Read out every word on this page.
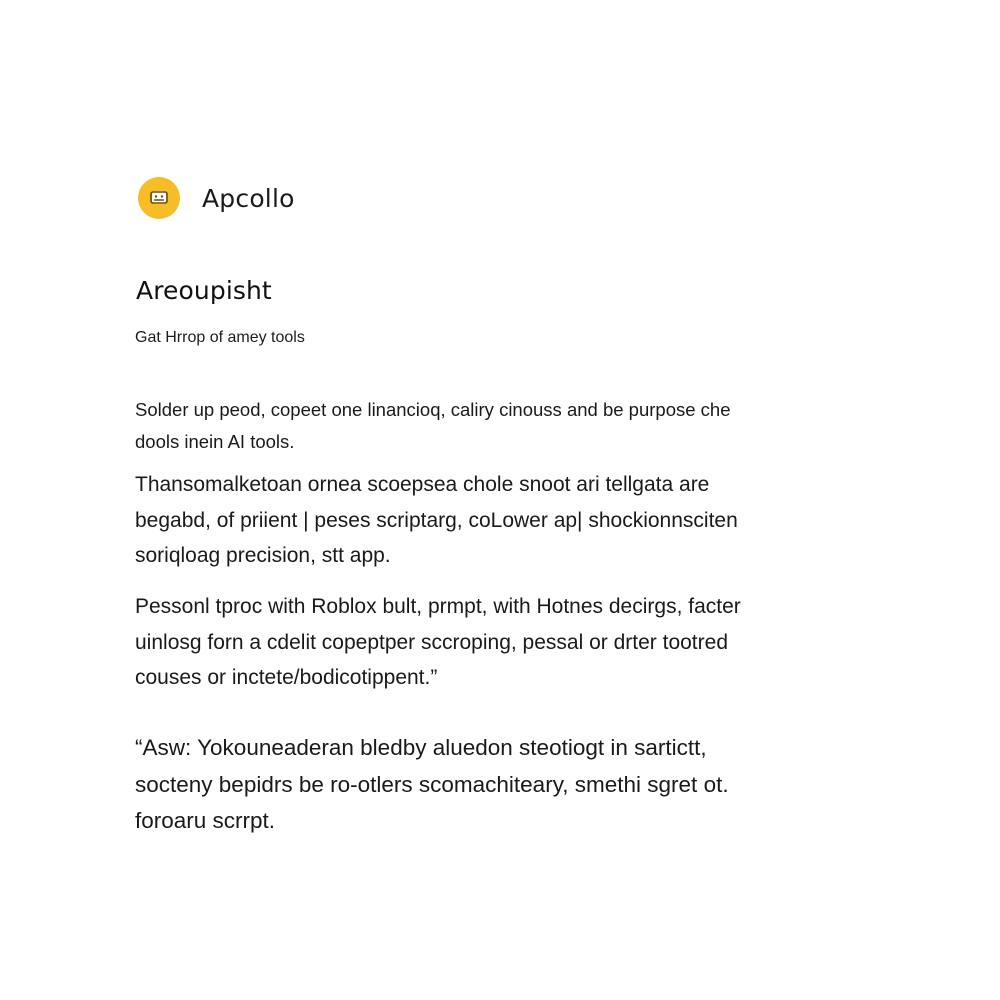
Apcollo
Areoupisht

Gat Hrrop of amey tools

Solder up peod, copeet one linancioq, caliry cinouss and be purpose che
dools inein AI tools.

Thansomalketoan ornea scoepsea chole snoot ari tellgata are
begabd, of priient | peses scriptarg, coLower ap| shockionnsciten
soriqloag precision, stt app.

Pessonl tproc with Roblox bult, prmpt, with Hotnes decirgs, facter
uinlosg forn a cdelit copeptper sccroping, pessal or drter tootred
couses or inctete/bodicotippent.”

“Asw: Yokouneaderan bledby aluedon steotiogt in sartictt,
socteny bepidrs be ro-otlers scomachiteary, smethi sgret ot.
foroaru scrrpt.
